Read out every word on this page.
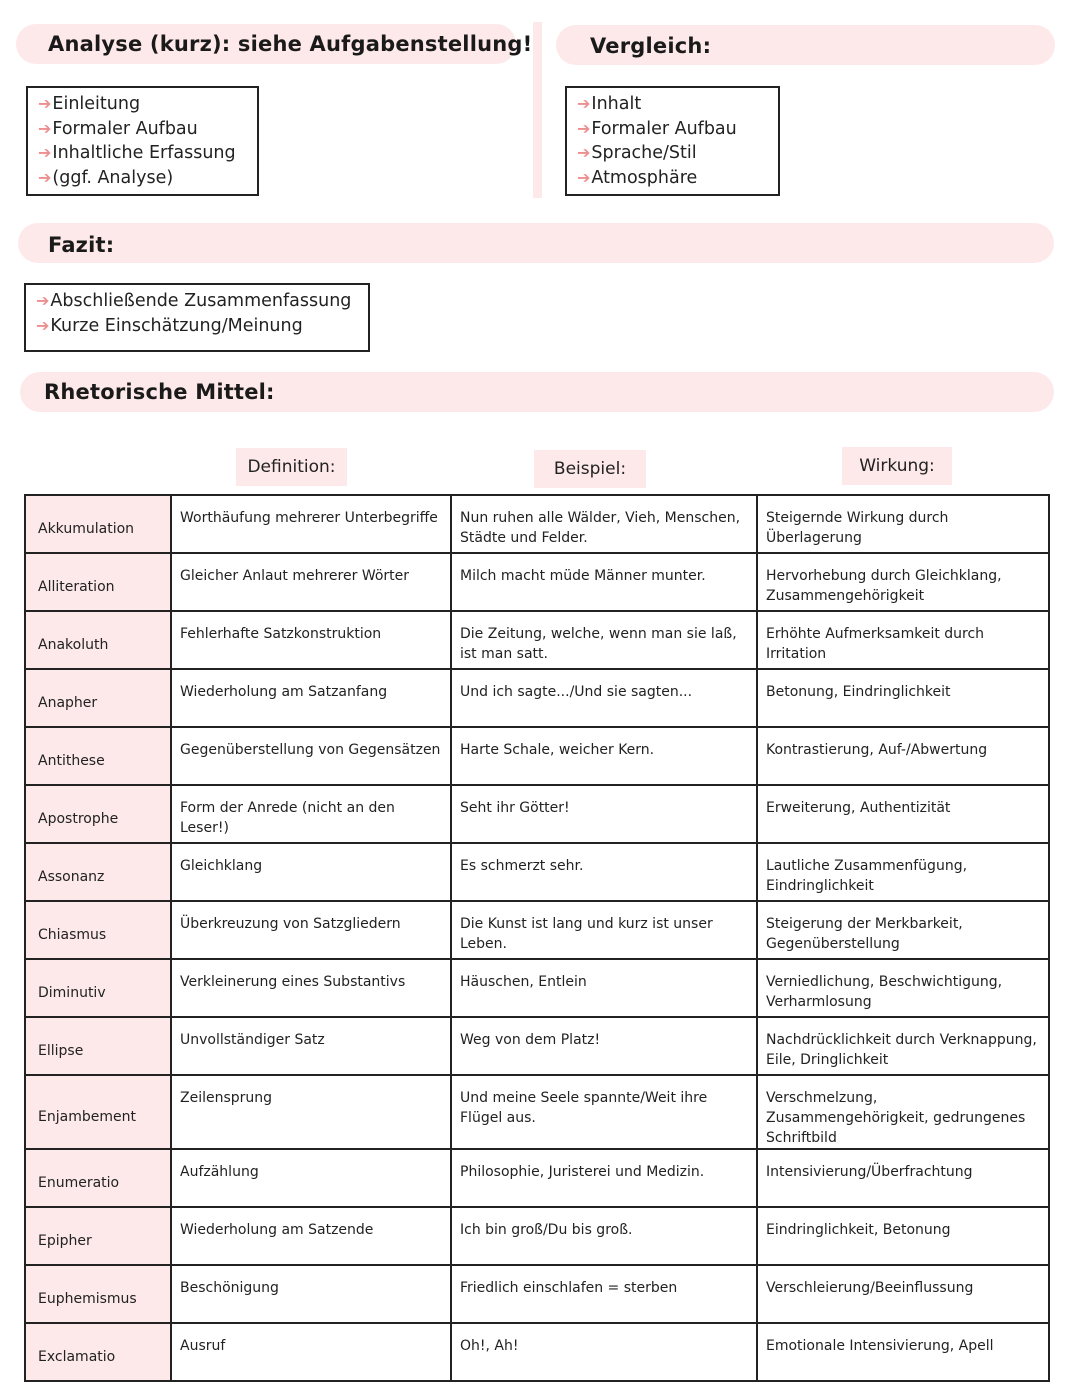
Analyse (kurz): siehe Aufgabenstellung!	Vergleich:
➔ Einleitung
➔ Formaler Aufbau
➔ Inhaltliche Erfassung
➔ (ggf. Analyse)
➔ Inhalt
➔ Formaler Aufbau
➔ Sprache/Stil
➔ Atmosphäre
Fazit:
➔ Abschließende Zusammenfassung
➔ Kurze Einschätzung/Meinung
Rhetorische Mittel:
Definition:	Beispiel:	Wirkung:
Akkumulation	Worthäufung mehrerer Unterbegriffe	Nun ruhen alle Wälder, Vieh, Menschen, Städte und Felder.	Steigernde Wirkung durch Überlagerung
Alliteration	Gleicher Anlaut mehrerer Wörter	Milch macht müde Männer munter.	Hervorhebung durch Gleichklang, Zusammengehörigkeit
Anakoluth	Fehlerhafte Satzkonstruktion	Die Zeitung, welche, wenn man sie laß, ist man satt.	Erhöhte Aufmerksamkeit durch Irritation
Anapher	Wiederholung am Satzanfang	Und ich sagte.../Und sie sagten...	Betonung, Eindringlichkeit
Antithese	Gegenüberstellung von Gegensätzen	Harte Schale, weicher Kern.	Kontrastierung, Auf-/Abwertung
Apostrophe	Form der Anrede (nicht an den Leser!)	Seht ihr Götter!	Erweiterung, Authentizität
Assonanz	Gleichklang	Es schmerzt sehr.	Lautliche Zusammenfügung, Eindringlichkeit
Chiasmus	Überkreuzung von Satzgliedern	Die Kunst ist lang und kurz ist unser Leben.	Steigerung der Merkbarkeit, Gegenüberstellung
Diminutiv	Verkleinerung eines Substantivs	Häuschen, Entlein	Verniedlichung, Beschwichtigung, Verharmlosung
Ellipse	Unvollständiger Satz	Weg von dem Platz!	Nachdrücklichkeit durch Verknappung, Eile, Dringlichkeit
Enjambement	Zeilensprung	Und meine Seele spannte/Weit ihre Flügel aus.	Verschmelzung, Zusammengehörigkeit, gedrungenes Schriftbild
Enumeratio	Aufzählung	Philosophie, Juristerei und Medizin.	Intensivierung/Überfrachtung
Epipher	Wiederholung am Satzende	Ich bin groß/Du bis groß.	Eindringlichkeit, Betonung
Euphemismus	Beschönigung	Friedlich einschlafen = sterben	Verschleierung/Beeinflussung
Exclamatio	Ausruf	Oh!, Ah!	Emotionale Intensivierung, Apell
